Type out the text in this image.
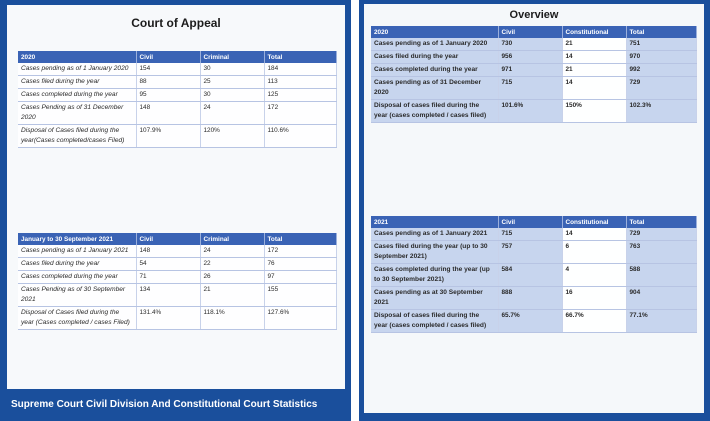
Court of Appeal
2020	Civil	Criminal	Total
Cases pending as of 1 January 2020	154	30	184
Cases filed during the year	88	25	113
Cases completed during the year	95	30	125
Cases Pending as of 31 December 2020	148	24	172
Disposal of Cases filed during the year(Cases completed/cases Filed)	107.9%	120%	110.6%
January to 30 September 2021	Civil	Criminal	Total
Cases pending as of 1 January 2021	148	24	172
Cases filed during the year	54	22	76
Cases completed during the year	71	26	97
Cases Pending as of 30 September 2021	134	21	155
Disposal of Cases filed during the year (Cases completed / cases Filed)	131.4%	118.1%	127.6%
Supreme Court Civil Division And Constitutional Court Statistics
Overview
2020	Civil	Constitutional	Total
Cases pending as of 1 January 2020	730	21	751
Cases filed during the year	956	14	970
Cases completed during the year	971	21	992
Cases pending as of 31 December 2020	715	14	729
Disposal of cases filed during the year (cases completed / cases filed)	101.6%	150%	102.3%
2021	Civil	Constitutional	Total
Cases pending as of 1 January 2021	715	14	729
Cases filed during the year (up to 30 September 2021)	757	6	763
Cases completed during the year (up to 30 September 2021)	584	4	588
Cases pending as at 30 September 2021	888	16	904
Disposal of cases filed during the year (cases completed / cases filed)	65.7%	66.7%	77.1%
